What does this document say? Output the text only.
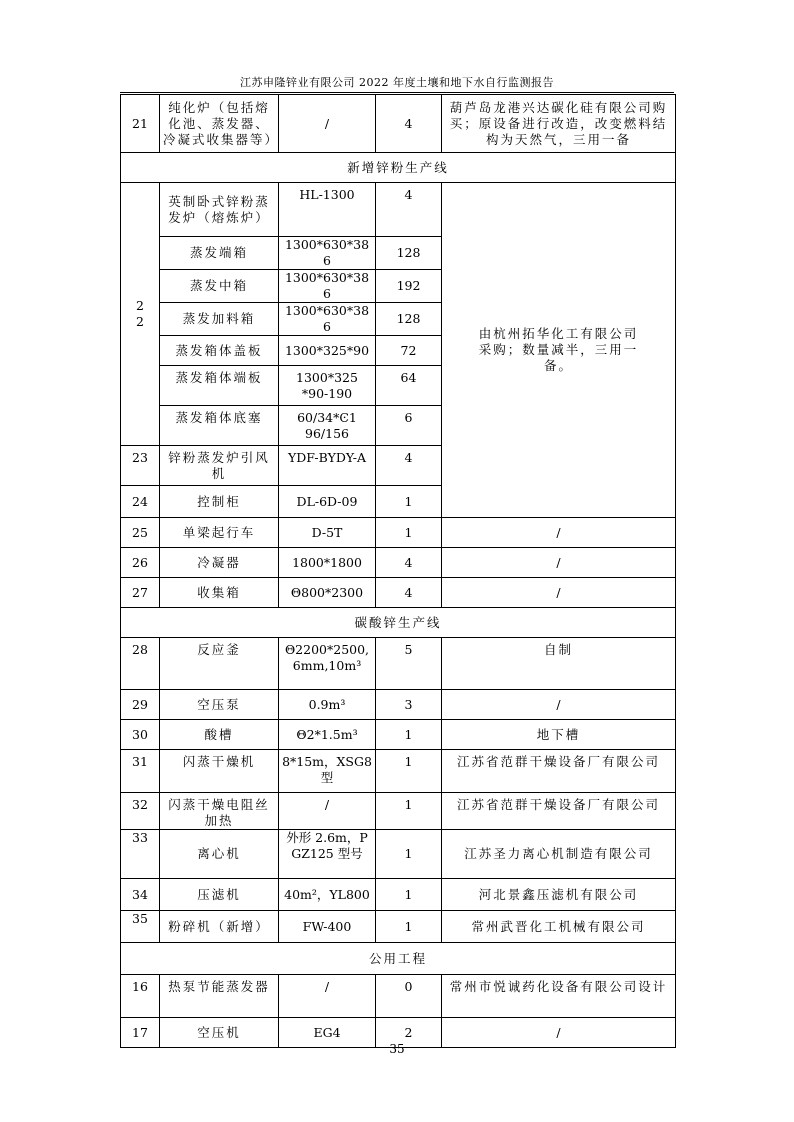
江苏申隆锌业有限公司 2022 年度土壤和地下水自行监测报告
21	纯化炉（包括熔化池、蒸发器、冷凝式收集器等）	/	4	葫芦岛龙港兴达碳化硅有限公司购买；原设备进行改造，改变燃料结构为天然气，三用一备
新增锌粉生产线				
22	英制卧式锌粉蒸发炉（熔炼炉）	HL-1300	4	由杭州拓华化工有限公司采购；数量减半，三用一备。
	蒸发端箱	1300*630*386	128	
	蒸发中箱	1300*630*386	192	
	蒸发加料箱	1300*630*386	128	
	蒸发箱体盖板	1300*325*90	72	
	蒸发箱体端板	1300*325*90-190	64	
	蒸发箱体底塞	60/34*Ͼ196/156	6	
23	锌粉蒸发炉引风机	YDF-BYDY-A	4	
24	控制柜	DL-6D-09	1	
25	单梁起行车	D-5T	1	/
26	冷凝器	1800*1800	4	/
27	收集箱	Θ800*2300	4	/
碳酸锌生产线				
28	反应釜	Θ2200*2500, 6mm,10m³	5	自制
29	空压泵	0.9m³	3	/
30	酸槽	Θ2*1.5m³	1	地下槽
31	闪蒸干燥机	8*15m，XSG8型	1	江苏省范群干燥设备厂有限公司
32	闪蒸干燥电阻丝加热	/	1	江苏省范群干燥设备厂有限公司
33	离心机	外形 2.6m，PGZ125 型号	1	江苏圣力离心机制造有限公司
34	压滤机	40m²，YL800	1	河北景鑫压滤机有限公司
35	粉碎机（新增）	FW-400	1	常州武晋化工机械有限公司
公用工程				
16	热泵节能蒸发器	/	0	常州市悦诚药化设备有限公司设计
17	空压机	EG4	2	/
35
